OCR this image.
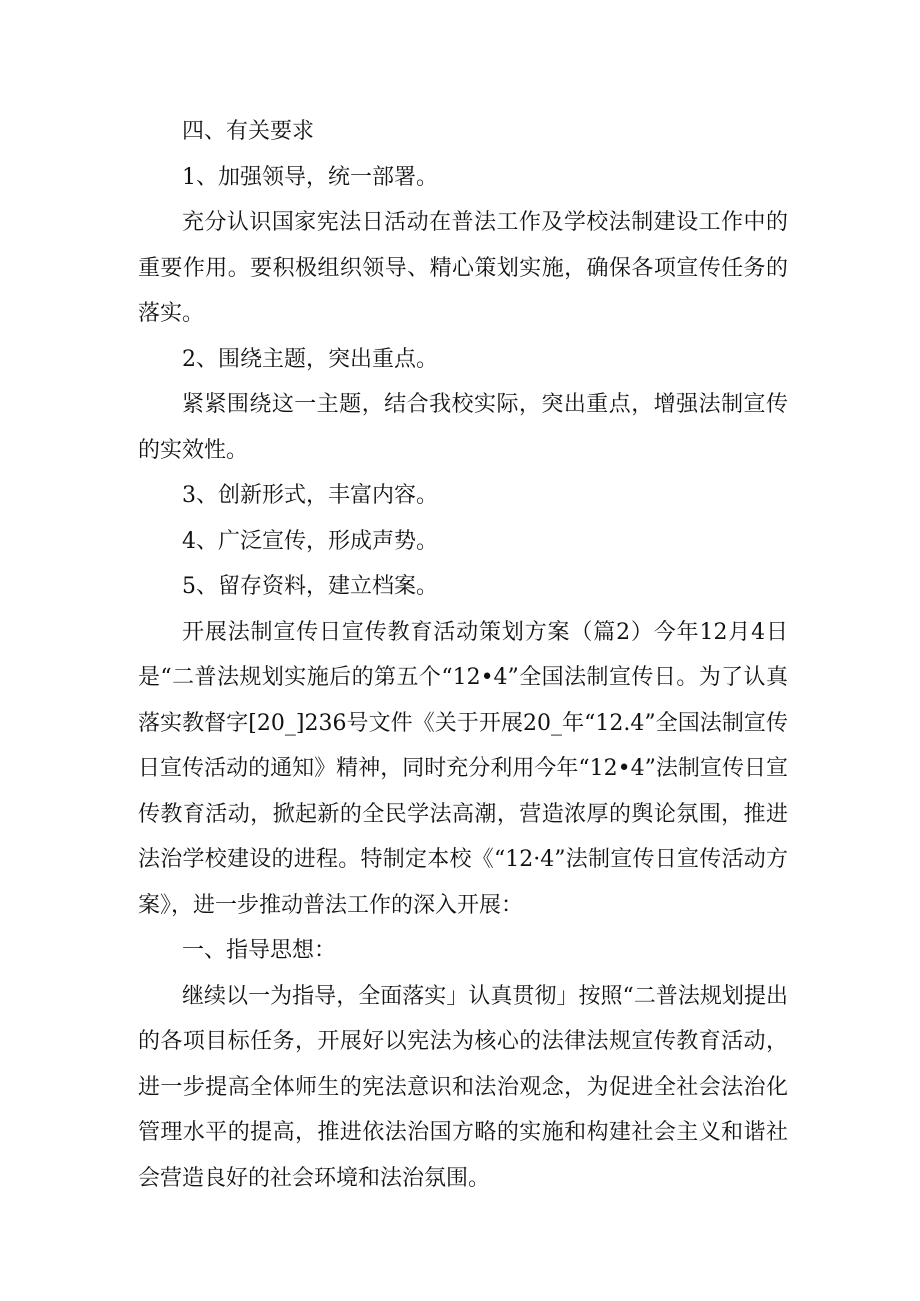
四、有关要求

1、加强领导，统一部署。

充分认识国家宪法日活动在普法工作及学校法制建设工作中的重要作用。要积极组织领导、精心策划实施，确保各项宣传任务的落实。

2、围绕主题，突出重点。

紧紧围绕这一主题，结合我校实际，突出重点，增强法制宣传的实效性。

3、创新形式，丰富内容。

4、广泛宣传，形成声势。

5、留存资料，建立档案。

开展法制宣传日宣传教育活动策划方案（篇2）今年12月4日是“二普法规划实施后的第五个“12•4”全国法制宣传日。为了认真落实教督字[20_]236号文件《关于开展20_年“12.4”全国法制宣传日宣传活动的通知》精神，同时充分利用今年“12•4”法制宣传日宣传教育活动，掀起新的全民学法高潮，营造浓厚的舆论氛围，推进法治学校建设的进程。特制定本校《“12·4”法制宣传日宣传活动方案》，进一步推动普法工作的深入开展：

一、指导思想：

继续以一为指导，全面落实」认真贯彻」按照“二普法规划提出的各项目标任务，开展好以宪法为核心的法律法规宣传教育活动，进一步提高全体师生的宪法意识和法治观念，为促进全社会法治化管理水平的提高，推进依法治国方略的实施和构建社会主义和谐社会营造良好的社会环境和法治氛围。
